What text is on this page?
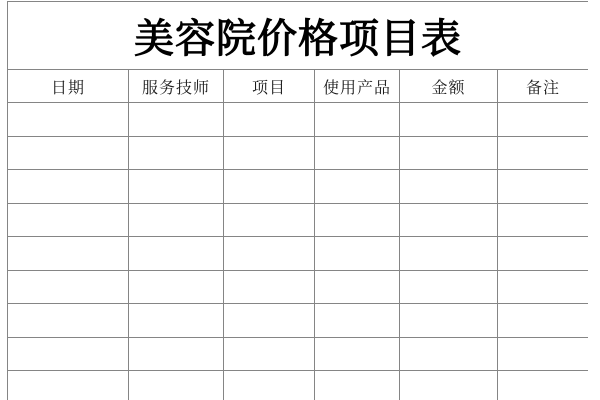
美容院价格项目表					
日期	服务技师	项目	使用产品	金额	备注
